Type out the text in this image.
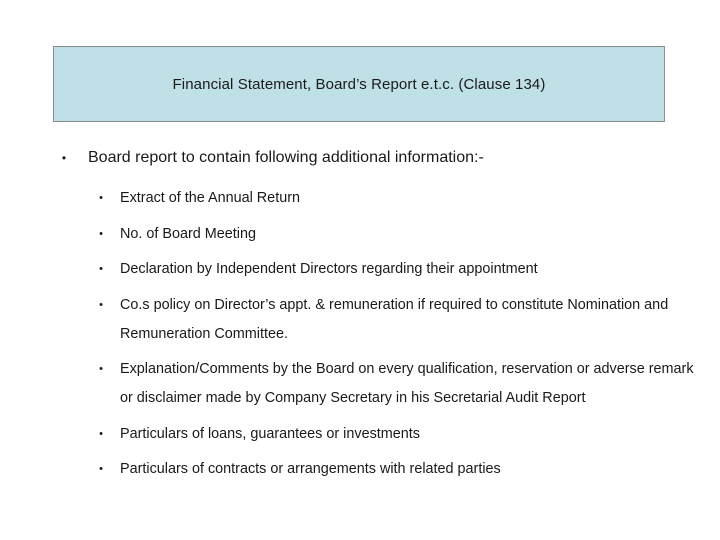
Financial Statement, Board’s Report e.t.c. (Clause 134)
• Board report to contain following additional information:-
• Extract of the Annual Return
• No. of Board Meeting
• Declaration by Independent Directors regarding their appointment
• Co.s policy on Director’s appt. & remuneration if required to constitute Nomination and Remuneration Committee.
• Explanation/Comments by the Board on every qualification, reservation or adverse remark or disclaimer made by Company Secretary in his Secretarial Audit Report
• Particulars of loans, guarantees or investments
• Particulars of contracts or arrangements with related parties
